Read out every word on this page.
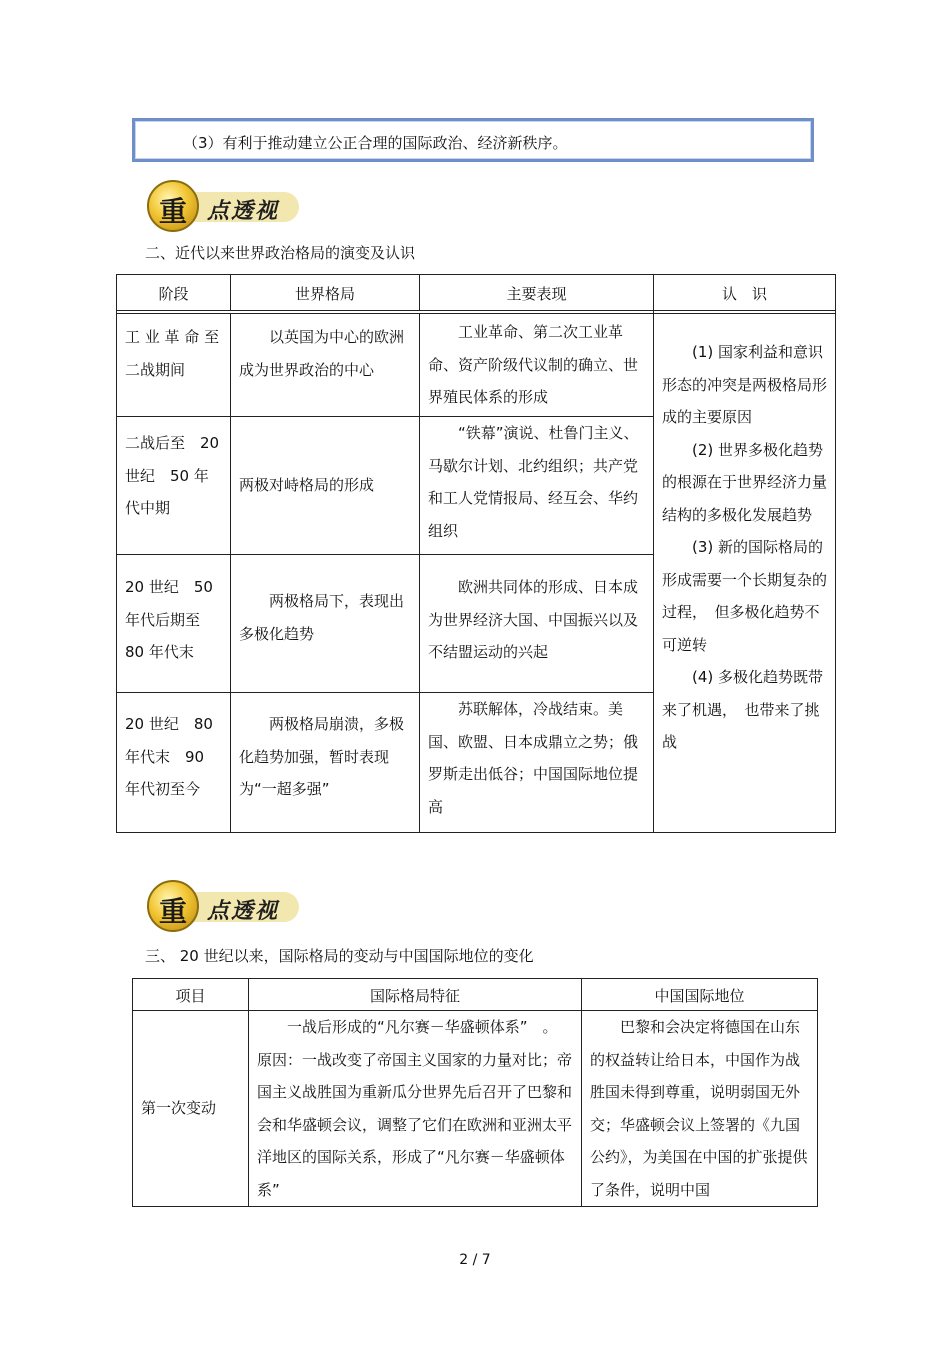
（3）有利于推动建立公正合理的国际政治、经济新秩序。
点透视
重
二、近代以来世界政治格局的演变及认识
阶段	世界格局	主要表现	认　识

工 业 革 命 至 二战期间	以英国为中心的欧洲成为世界政治的中心	工业革命、第二次工业革命、资产阶级代议制的确立、世界殖民体系的形成	(1) 国家利益和意识形态的冲突是两极格局形成的主要原因
(2) 世界多极化趋势的根源在于世界经济力量结构的多极化发展趋势
(3) 新的国际格局的形成需要一个长期复杂的过程，　但多极化趋势不可逆转
(4) 多极化趋势既带来了机遇，　也带来了挑战

二战后至　20 世纪　50 年代中期	两极对峙格局的形成	“铁幕”演说、杜鲁门主义、马歇尔计划、北约组织；共产党和工人党情报局、经互会、华约组织	
20 世纪　50 年代后期至　　80 年代末	两极格局下，表现出多极化趋势	欧洲共同体的形成、日本成为世界经济大国、中国振兴以及不结盟运动的兴起	
20 世纪　80 年代末　90 年代初至今	两极格局崩溃，多极化趋势加强，暂时表现为“一超多强”	苏联解体，冷战结束。美国、欧盟、日本成鼎立之势；俄罗斯走出低谷；中国国际地位提高	
点透视
重
三、 20 世纪以来，国际格局的变动与中国国际地位的变化
项目	国际格局特征	中国国际地位
第一次变动	一战后形成的“凡尔赛－华盛顿体系”　。
原因：一战改变了帝国主义国家的力量对比；帝国主义战胜国为重新瓜分世界先后召开了巴黎和会和华盛顿会议，调整了它们在欧洲和亚洲太平洋地区的国际关系，形成了“凡尔赛－华盛顿体系”	巴黎和会决定将德国在山东的权益转让给日本，中国作为战胜国未得到尊重，说明弱国无外交；华盛顿会议上签署的《九国公约》，为美国在中国的扩张提供了条件，说明中国
2 / 7
